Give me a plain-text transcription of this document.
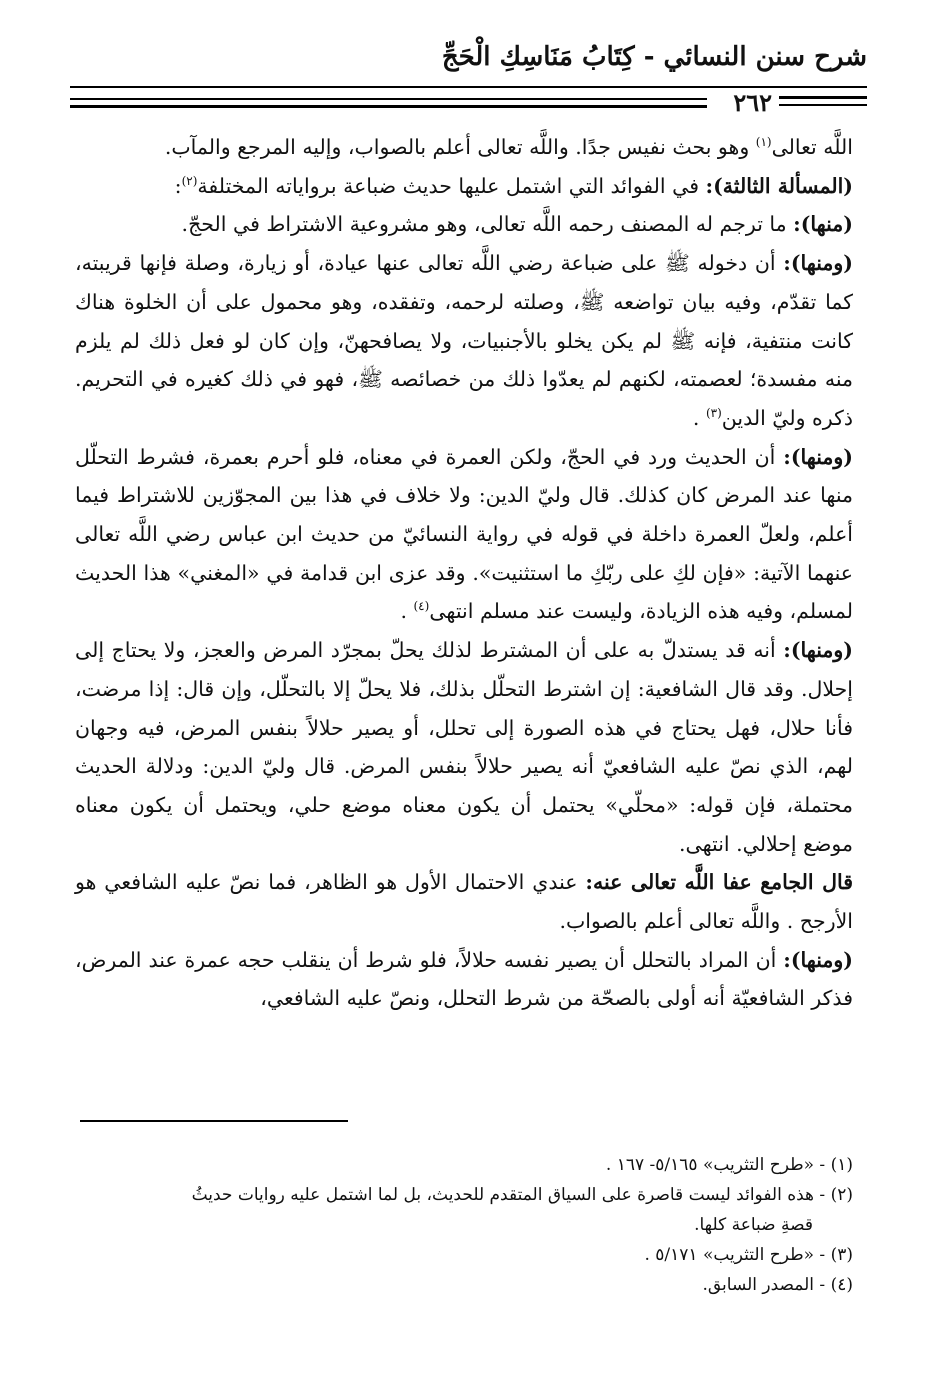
شرح سنن النسائي - كِتَابُ مَنَاسِكِ الْحَجِّ
٢٦٢

اللَّه تعالى$^{(١)}$ وهو بحث نفيس جدًا. واللَّه تعالى أعلم بالصواب، وإليه المرجع والمآب.

(المسألة الثالثة): في الفوائد التي اشتمل عليها حديث ضباعة برواياته المختلفة$^{(٢)}$:

(منها): ما ترجم له المصنف رحمه اللَّه تعالى، وهو مشروعية الاشتراط في الحجّ.

(ومنها): أن دخوله ﷺ على ضباعة رضي اللَّه تعالى عنها عيادة، أو زيارة، وصلة فإنها قريبته، كما تقدّم، وفيه بيان تواضعه ﷺ، وصلته لرحمه، وتفقده، وهو محمول على أن الخلوة هناك كانت منتفية، فإنه ﷺ لم يكن يخلو بالأجنبيات، ولا يصافحهنّ، وإن كان لو فعل ذلك لم يلزم منه مفسدة؛ لعصمته، لكنهم لم يعدّوا ذلك من خصائصه ﷺ، فهو في ذلك كغيره في التحريم. ذكره وليّ الدين$^{(٣)}$ .

(ومنها): أن الحديث ورد في الحجّ، ولكن العمرة في معناه، فلو أحرم بعمرة، فشرط التحلّل منها عند المرض كان كذلك. قال وليّ الدين: ولا خلاف في هذا بين المجوّزين للاشتراط فيما أعلم، ولعلّ العمرة داخلة في قوله في رواية النسائيّ من حديث ابن عباس رضي اللَّه تعالى عنهما الآتية: «فإن لكِ على ربّكِ ما استثنيت». وقد عزى ابن قدامة في «المغني» هذا الحديث لمسلم، وفيه هذه الزيادة، وليست عند مسلم انتهى$^{(٤)}$ .

(ومنها): أنه قد يستدلّ به على أن المشترط لذلك يحلّ بمجرّد المرض والعجز، ولا يحتاج إلى إحلال. وقد قال الشافعية: إن اشترط التحلّل بذلك، فلا يحلّ إلا بالتحلّل، وإن قال: إذا مرضت، فأنا حلال، فهل يحتاج في هذه الصورة إلى تحلل، أو يصير حلالاً بنفس المرض، فيه وجهان لهم، الذي نصّ عليه الشافعيّ أنه يصير حلالاً بنفس المرض. قال وليّ الدين: ودلالة الحديث محتملة، فإن قوله: «محلّي» يحتمل أن يكون معناه موضع حلي، ويحتمل أن يكون معناه موضع إحلالي. انتهى.

قال الجامع عفا اللَّه تعالى عنه: عندي الاحتمال الأول هو الظاهر، فما نصّ عليه الشافعي هو الأرجح . واللَّه تعالى أعلم بالصواب.

(ومنها): أن المراد بالتحلل أن يصير نفسه حلالاً، فلو شرط أن ينقلب حجه عمرة عند المرض، فذكر الشافعيّة أنه أولى بالصحّة من شرط التحلل، ونصّ عليه الشافعي،

(١) - «طرح التثريب» ٥/١٦٥- ١٦٧ .

(٢) - هذه الفوائد ليست قاصرة على السياق المتقدم للحديث، بل لما اشتمل عليه روايات حديثُ

قصةِ ضباعة كلها.

(٣) - «طرح التثريب» ٥/١٧١ .

(٤) - المصدر السابق.
